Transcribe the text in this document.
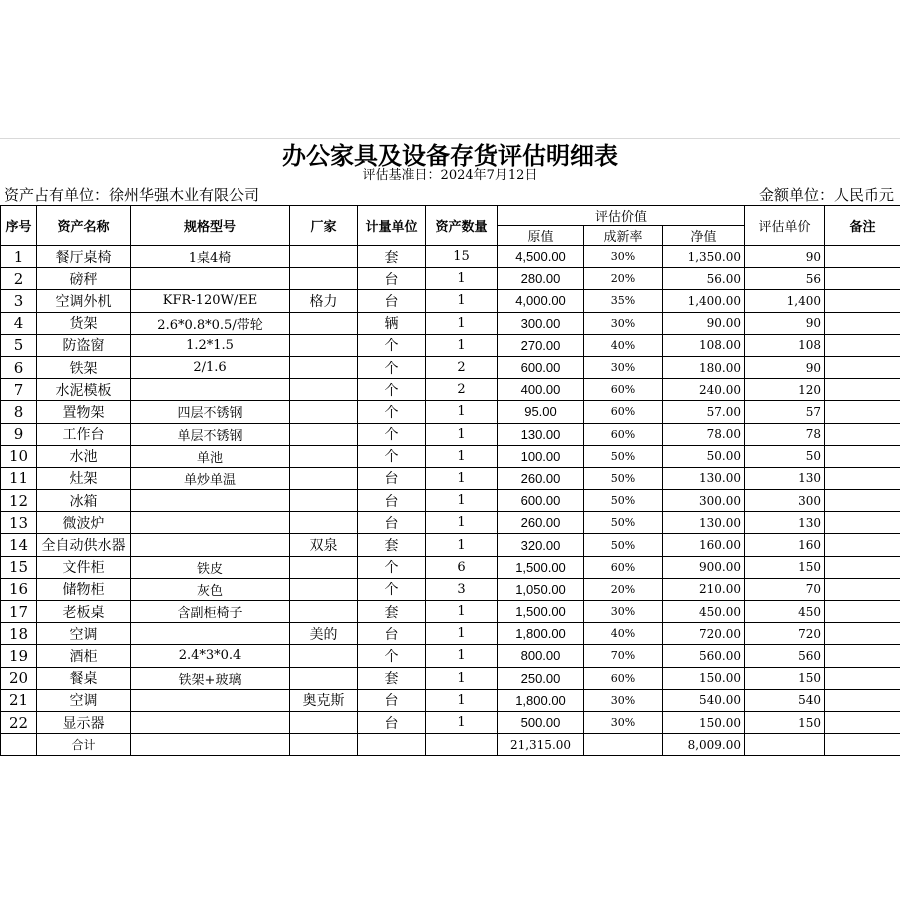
办公家具及设备存货评估明细表
评估基准日：2024年7月12日
资产占有单位：徐州华强木业有限公司	金额单位：人民币元
序号	资产名称	规格型号	厂家	计量单位	资产数量	评估价值			评估单价	备注
						原值	成新率	净值		
1	餐厅桌椅	1桌4椅		套	15	4,500.00	30%	1,350.00	90	
2	磅秤			台	1	280.00	20%	56.00	56	
3	空调外机	KFR-120W/EE	格力	台	1	4,000.00	35%	1,400.00	1,400	
4	货架	2.6*0.8*0.5/带轮		辆	1	300.00	30%	90.00	90	
5	防盗窗	1.2*1.5		个	1	270.00	40%	108.00	108	
6	铁架	2/1.6		个	2	600.00	30%	180.00	90	
7	水泥模板			个	2	400.00	60%	240.00	120	
8	置物架	四层不锈钢		个	1	95.00	60%	57.00	57	
9	工作台	单层不锈钢		个	1	130.00	60%	78.00	78	
10	水池	单池		个	1	100.00	50%	50.00	50	
11	灶架	单炒单温		台	1	260.00	50%	130.00	130	
12	冰箱			台	1	600.00	50%	300.00	300	
13	微波炉			台	1	260.00	50%	130.00	130	
14	全自动供水器		双泉	套	1	320.00	50%	160.00	160	
15	文件柜	铁皮		个	6	1,500.00	60%	900.00	150	
16	储物柜	灰色		个	3	1,050.00	20%	210.00	70	
17	老板桌	含副柜椅子		套	1	1,500.00	30%	450.00	450	
18	空调		美的	台	1	1,800.00	40%	720.00	720	
19	酒柜	2.4*3*0.4		个	1	800.00	70%	560.00	560	
20	餐桌	铁架+玻璃		套	1	250.00	60%	150.00	150	
21	空调		奥克斯	台	1	1,800.00	30%	540.00	540	
22	显示器			台	1	500.00	30%	150.00	150	
	合计					21,315.00		8,009.00		
